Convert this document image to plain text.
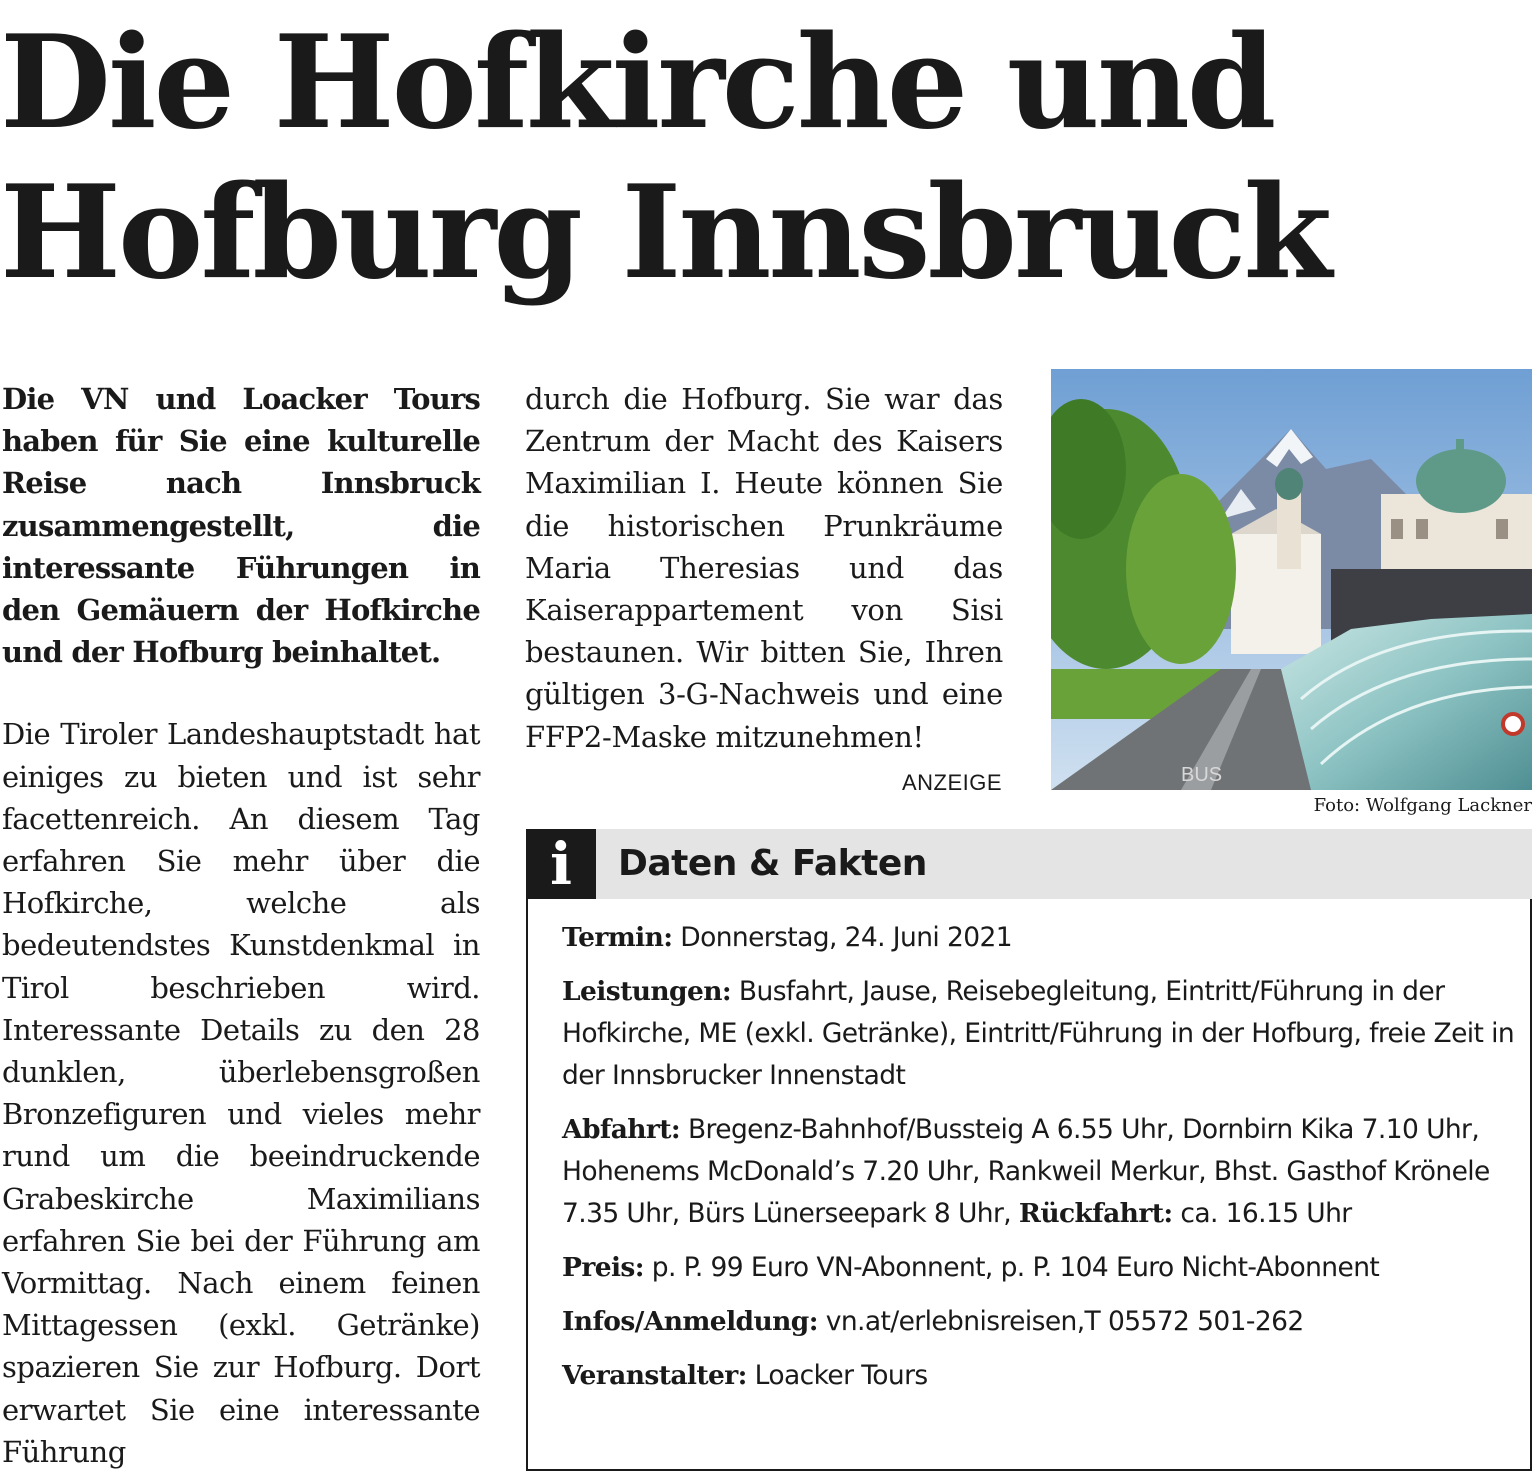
Die Hofkirche und
Hofburg Innsbruck

Die VN und Loacker Tours haben für Sie eine kulturelle Reise nach Innsbruck zusammengestellt, die interessante Führungen in den Gemäuern der Hofkirche und der Hofburg beinhaltet.

Die Tiroler Landeshauptstadt hat einiges zu bieten und ist sehr facettenreich. An diesem Tag erfahren Sie mehr über die Hofkirche, welche als bedeutendstes Kunstdenkmal in Tirol beschrieben wird. Interessante Details zu den 28 dunklen, überlebensgroßen Bronzefiguren und vieles mehr rund um die beeindruckende Grabeskirche Maximilians erfahren Sie bei der Führung am Vormittag. Nach einem feinen Mittagessen (exkl. Getränke) spazieren Sie zur Hofburg. Dort erwartet Sie eine interessante Führung

durch die Hofburg. Sie war das Zentrum der Macht des Kaisers Maximilian I. Heute können Sie die historischen Prunkräume Maria Theresias und das Kaiserappartement von Sisi bestaunen. Wir bitten Sie, Ihren gültigen 3-G-Nachweis und eine FFP2-Maske mitzunehmen!

ANZEIGE	BUS
Foto: Wolfgang Lackner
i	Daten & Fakten

Termin: Donnerstag, 24. Juni 2021

Leistungen: Busfahrt, Jause, Reisebegleitung, Eintritt/Führung in der Hofkirche, ME (exkl. Getränke), Eintritt/Führung in der Hofburg, freie Zeit in der Innsbrucker Innenstadt

Abfahrt: Bregenz-Bahnhof/Bussteig A 6.55 Uhr, Dornbirn Kika 7.10 Uhr, Hohenems McDonald’s 7.20 Uhr, Rankweil Merkur, Bhst. Gasthof Krönele 7.35 Uhr, Bürs Lünerseepark 8 Uhr, Rückfahrt: ca. 16.15 Uhr

Preis: p. P. 99 Euro VN-Abonnent, p. P. 104 Euro Nicht-Abonnent

Infos/Anmeldung: vn.at/erlebnisreisen,T 05572 501-262

Veranstalter: Loacker Tours
